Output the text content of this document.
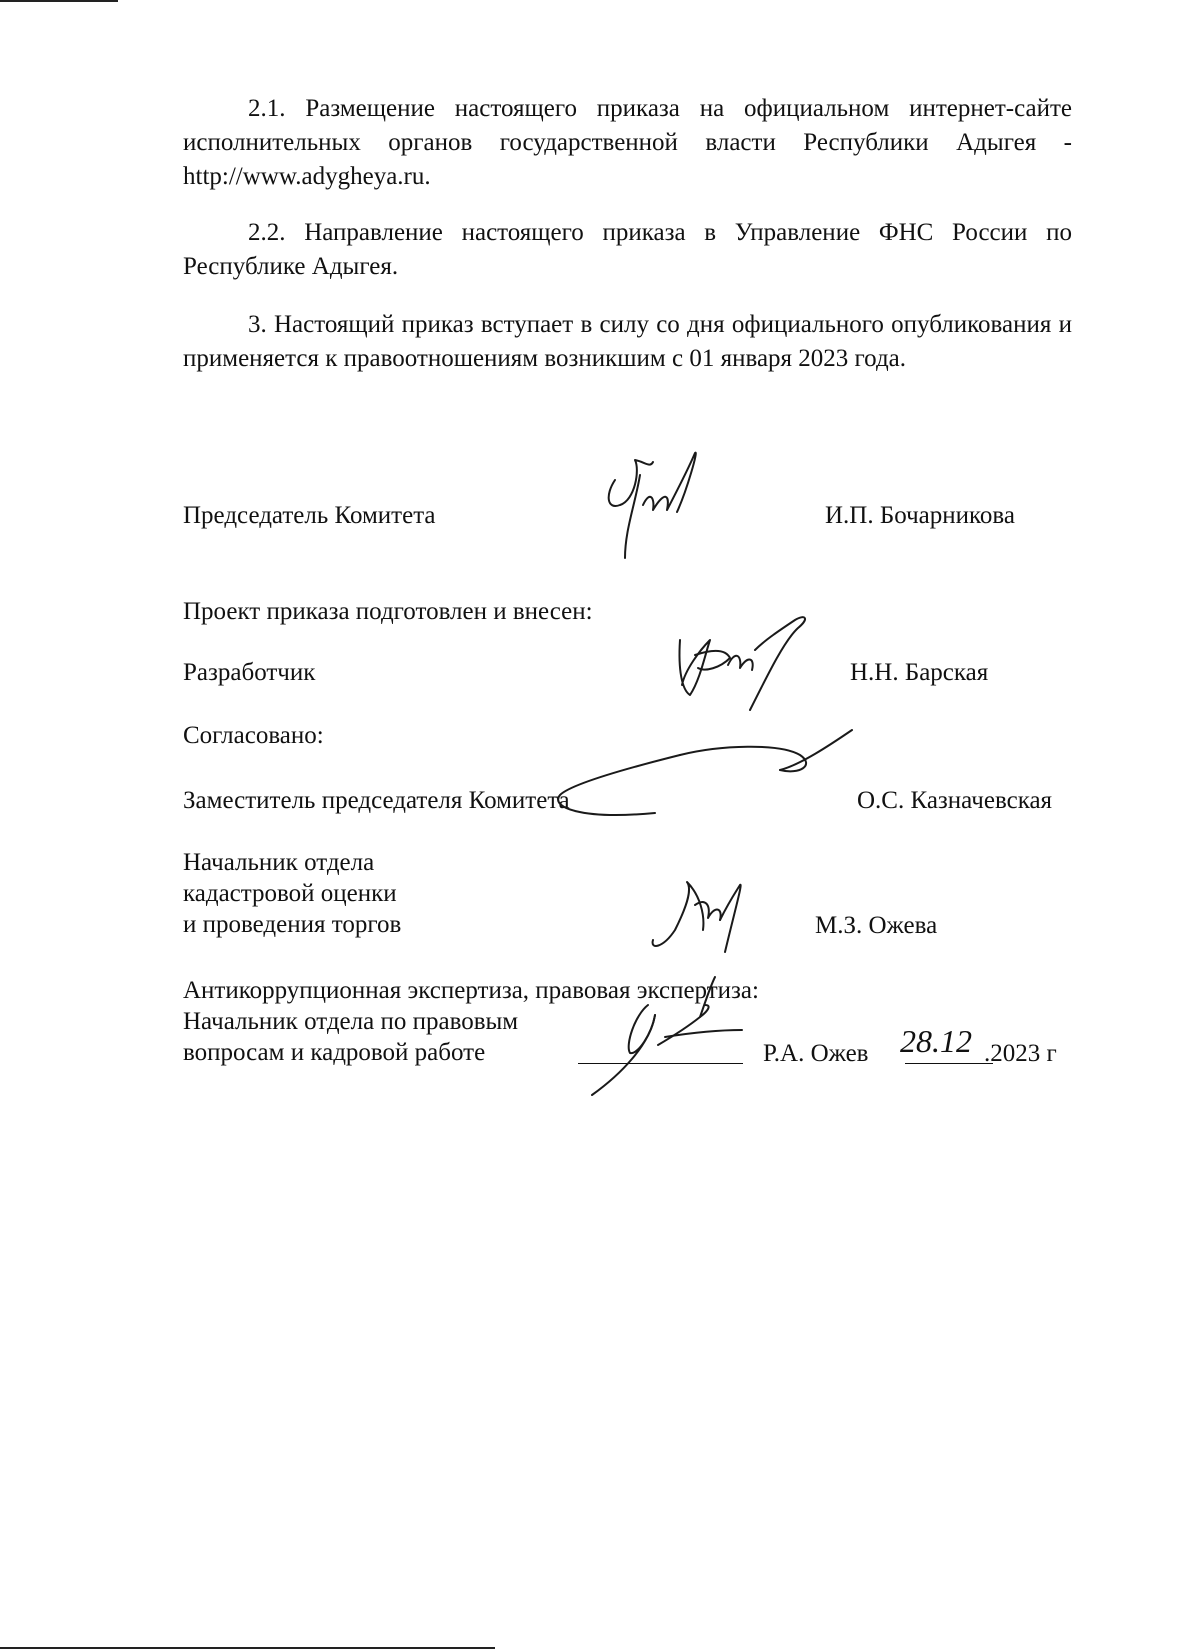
2.1. Размещение настоящего приказа на официальном интернет-сайте исполнительных органов государственной власти Республики Адыгея - http://www.adygheya.ru.

2.2. Направление настоящего приказа в Управление ФНС России по Республике Адыгея.

3. Настоящий приказ вступает в силу со дня официального опубликования и применяется к правоотношениям возникшим с 01 января 2023 года.

Председатель Комитета	И.П. Бочарникова

Проект приказа подготовлен и внесен:

Разработчик	Н.Н. Барская

Согласовано:

Заместитель председателя Комитета	О.С. Казначевская

Начальник отдела
кадастровой оценки
и проведения торгов	М.З. Ожева

Антикоррупционная экспертиза, правовая экспертиза:

Начальник отдела по правовым
вопросам и кадровой работе	Р.А. Ожев 28.12 .2023 г
